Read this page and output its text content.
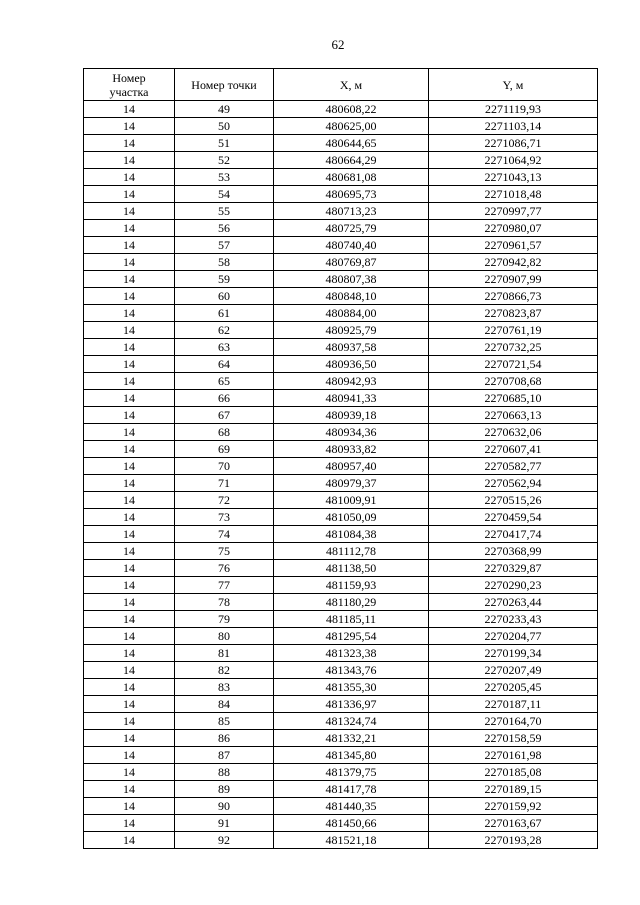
62
Номер
участка	Номер точки	X, м	Y, м
14	49	480608,22	2271119,93
14	50	480625,00	2271103,14
14	51	480644,65	2271086,71
14	52	480664,29	2271064,92
14	53	480681,08	2271043,13
14	54	480695,73	2271018,48
14	55	480713,23	2270997,77
14	56	480725,79	2270980,07
14	57	480740,40	2270961,57
14	58	480769,87	2270942,82
14	59	480807,38	2270907,99
14	60	480848,10	2270866,73
14	61	480884,00	2270823,87
14	62	480925,79	2270761,19
14	63	480937,58	2270732,25
14	64	480936,50	2270721,54
14	65	480942,93	2270708,68
14	66	480941,33	2270685,10
14	67	480939,18	2270663,13
14	68	480934,36	2270632,06
14	69	480933,82	2270607,41
14	70	480957,40	2270582,77
14	71	480979,37	2270562,94
14	72	481009,91	2270515,26
14	73	481050,09	2270459,54
14	74	481084,38	2270417,74
14	75	481112,78	2270368,99
14	76	481138,50	2270329,87
14	77	481159,93	2270290,23
14	78	481180,29	2270263,44
14	79	481185,11	2270233,43
14	80	481295,54	2270204,77
14	81	481323,38	2270199,34
14	82	481343,76	2270207,49
14	83	481355,30	2270205,45
14	84	481336,97	2270187,11
14	85	481324,74	2270164,70
14	86	481332,21	2270158,59
14	87	481345,80	2270161,98
14	88	481379,75	2270185,08
14	89	481417,78	2270189,15
14	90	481440,35	2270159,92
14	91	481450,66	2270163,67
14	92	481521,18	2270193,28
